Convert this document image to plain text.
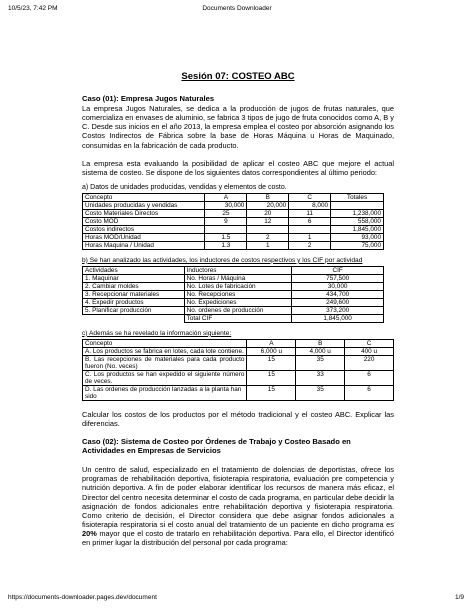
10/5/23, 7:42 PM	Documents Downloader
Sesión 07: COSTEO ABC
Caso (01): Empresa Jugos Naturales

La empresa Jugos Naturales, se dedica a la producción de jugos de frutas naturales, que comercializa en envases de aluminio, se fabrica 3 tipos de jugo de fruta conocidos como A, B y C. Desde sus inicios en el año 2013, la empresa emplea el costeo por absorción asignando los Costos Indirectos de Fábrica sobre la base de Horas Máquina u Horas de Maquinado, consumidas en la fabricación de cada producto.

La empresa esta evaluando la posibilidad de aplicar el costeo ABC que mejore el actual sistema de costeo. Se dispone de los siguientes datos correspondientes al último periodo:

a) Datos de unidades producidas, vendidas y elementos de costo.
Concepto	A	B	C	Totales
Unidades producidas y vendidas	30,000	20,000	8,000	
Costo Materiales Directos	25	20	11	1,238,000
Costo MOD	9	12	6	558,000
Costos indirectos				1,845,000
Horas MOD/Unidad	1.5	2	1	93,000
Horas Maquina / Unidad	1.3	1	2	75,000
b) Se han analizado las actividades, los inductores de costos respectivos y los CIF por actividad
Actividades	Inductores	CIF
1. Maquinar	No. Horas / Máquina	757,500
2. Cambiar moldes	No. Lotes de fabricación	30,000
3. Recepcionar materiales	No. Recepciones	434,700
4. Expedir productos	No. Expediciones	249,600
5. Planificar producción	No. ordenes de producción	373,200
	Total CIF	1,845,000
c) Además se ha revelado la información siguiente:
Concepto	A	B	C
A. Los productos se fabrica en lotes, cada lote contiene.	6,000 u	4,000 u	400 u
B. Las recepciones de materiales para cada producto fueron (No. veces)	15	35	220
C. Los productos se han expedido el siguiente número de veces.	15	33	6
D. Las ordenes de producción lanzadas a la planta han sido	15	35	6

Calcular los costos de los productos por el método tradicional y el costeo ABC. Explicar las diferencias.

Caso (02): Sistema de Costeo por Órdenes de Trabajo y Costeo Basado en Actividades en Empresas de Servicios

Un centro de salud, especializado en el tratamiento de dolencias de deportistas, ofrece los programas de rehabilitación deportiva, fisioterapia respiratoria, evaluación pre competencia y nutrición deportiva. A fin de poder elaborar identificar los recursos de manera más eficaz, el Director del centro necesita determinar el costo de cada programa, en particular debe decidir la asignación de fondos adicionales entre rehabilitación deportiva y fisioterapia respiratoria. Como criterio de decisión, el Director considera que debe asignar fondos adicionales a fisioterapia respiratoria si el costo anual del tratamiento de un paciente en dicho programa es 20% mayor que el costo de tratarlo en rehabilitación deportiva. Para ello, el Director identificó en primer lugar la distribución del personal por cada programa:

https://documents-downloader.pages.dev/document	1/9
